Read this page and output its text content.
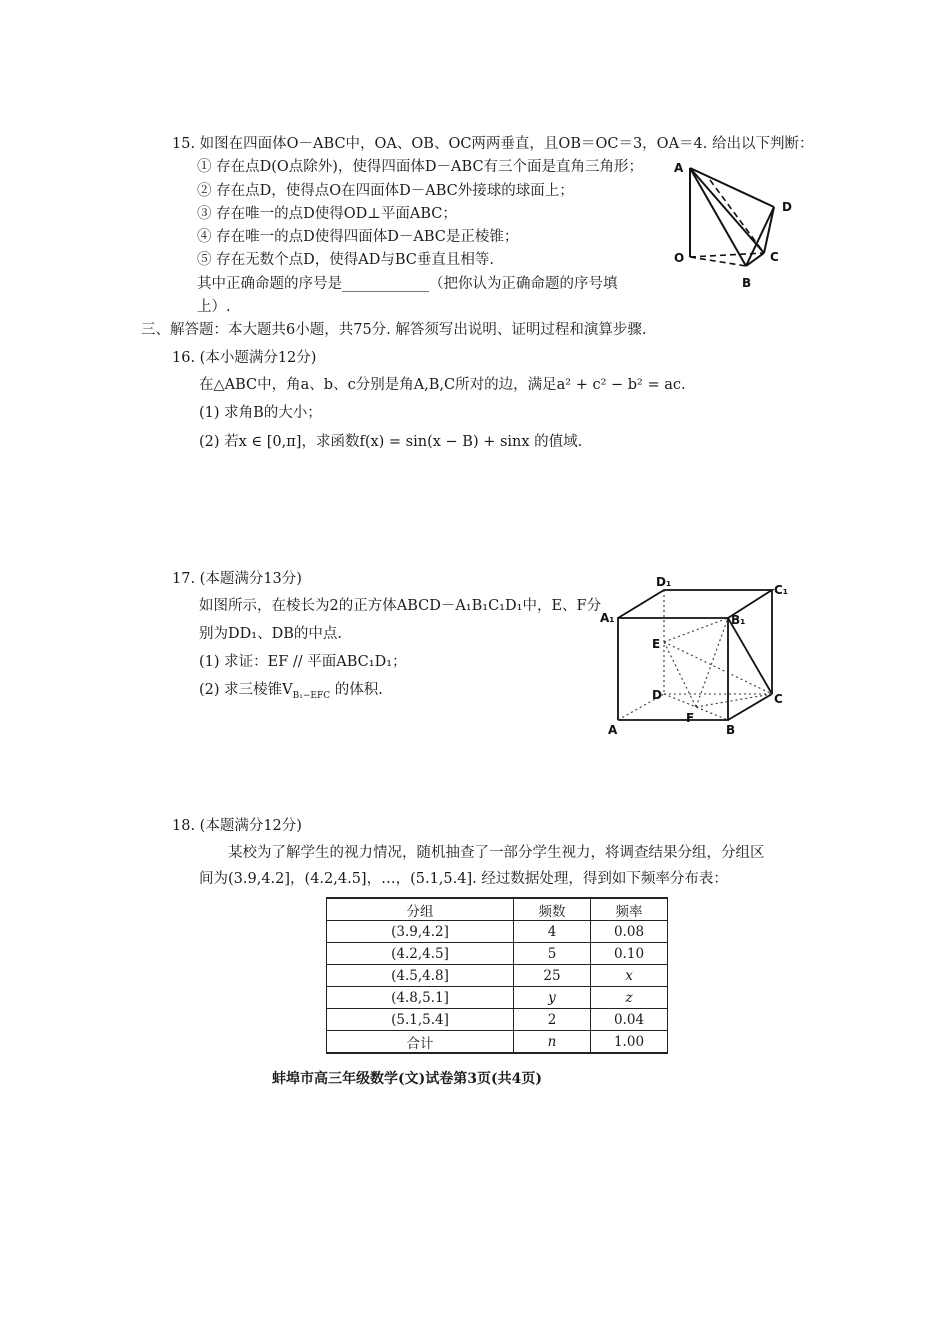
15. 如图在四面体O－ABC中，OA、OB、OC两两垂直，且OB＝OC＝3，OA＝4. 给出以下判断：
① 存在点D(O点除外)，使得四面体D－ABC有三个面是直角三角形；
② 存在点D，使得点O在四面体D－ABC外接球的球面上；
③ 存在唯一的点D使得OD⊥平面ABC；
④ 存在唯一的点D使得四面体D－ABC是正棱锥；
⑤ 存在无数个点D，使得AD与BC垂直且相等.
其中正确命题的序号是____________（把你认为正确命题的序号填
上）.
A
D
O	C
B
三、解答题：本大题共6小题，共75分. 解答须写出说明、证明过程和演算步骤.
16. (本小题满分12分)
在△ABC中，角a、b、c分别是角A,B,C所对的边，满足a² + c² − b² = ac.
(1) 求角B的大小；
(2) 若x ∈ [0,π]，求函数f(x) = sin(x − B) + sinx 的值域.
17. (本题满分13分)
如图所示，在棱长为2的正方体ABCD－A₁B₁C₁D₁中，E、F分
别为DD₁、DB的中点.
(1) 求证：EF // 平面ABC₁D₁；
(2) 求三棱锥$V_{B_1-EFC}$ 的体积.
D₁
C₁
A₁	B₁
E
D	C
F
A	B
18. (本题满分12分)
某校为了解学生的视力情况，随机抽查了一部分学生视力，将调查结果分组，分组区
间为(3.9,4.2]，(4.2,4.5]，…，(5.1,5.4]. 经过数据处理，得到如下频率分布表：
分组	频数	频率
(3.9,4.2]	4	0.08
(4.2,4.5]	5	0.10
(4.5,4.8]	25	x
(4.8,5.1]	y	z
(5.1,5.4]	2	0.04
合计	n	1.00
蚌埠市高三年级数学(文)试卷第3页(共4页)
